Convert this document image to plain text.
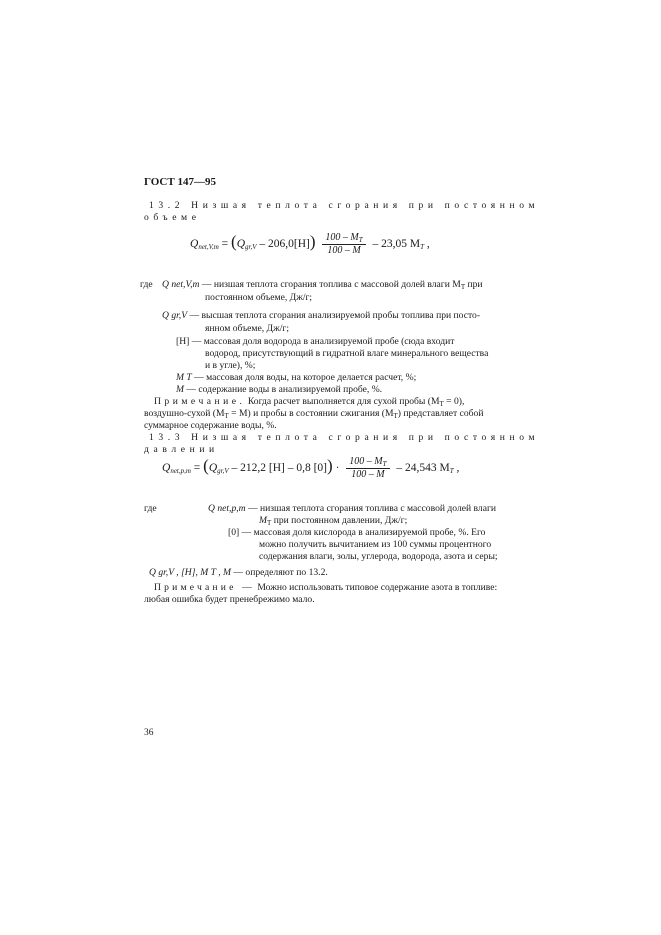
ГОСТ 147—95
13.2 Низшая теплота сгорания при постоянном
объеме
$Q_{net,V,m} = (Q_{gr,V} - 206,0[H]) \frac{100 - M_T}{100 - M} - 23,05$ $M_T$ ,
где Q net,V,m — низшая теплота сгорания топлива с массовой долей влаги $M_T$ при
постоянном объеме, Дж/г;
Q gr,V — высшая теплота сгорания анализируемой пробы топлива при посто-
янном объеме, Дж/г;
[H] — массовая доля водорода в анализируемой пробе (сюда входит
водород, присутствующий в гидратной влаге минерального вещества
и в угле), %;
M T — массовая доля воды, на которое делается расчет, %;
M — содержание воды в анализируемой пробе, %.
Примечание. Когда расчет выполняется для сухой пробы $(M_T = 0)$,
воздушно-сухой $(M_T = M)$ и пробы в состоянии сжигания $(M_T)$ представляет собой
суммарное содержание воды, %.
13.3 Низшая теплота сгорания при постоянном
давлении
$Q_{net,p,m} = (Q_{gr,V} - 212,2$ [H] – 0,8 $[0]) \cdot \frac{100 - M_T}{100 - M} - 24,543$ $M_T$ ,
где	Q net,p,m — низшая теплота сгорания топлива с массовой долей влаги
$M_T$ при постоянном давлении, Дж/г;
[0] — массовая доля кислорода в анализируемой пробе, %. Его
можно получить вычитанием из 100 суммы процентного
содержания влаги, золы, углерода, водорода, азота и серы;
Q gr,V , [H], M T , M — определяют по 13.2.
Примечание — Можно использовать типовое содержание азота в топливе:
любая ошибка будет пренебрежимо мало.
36
